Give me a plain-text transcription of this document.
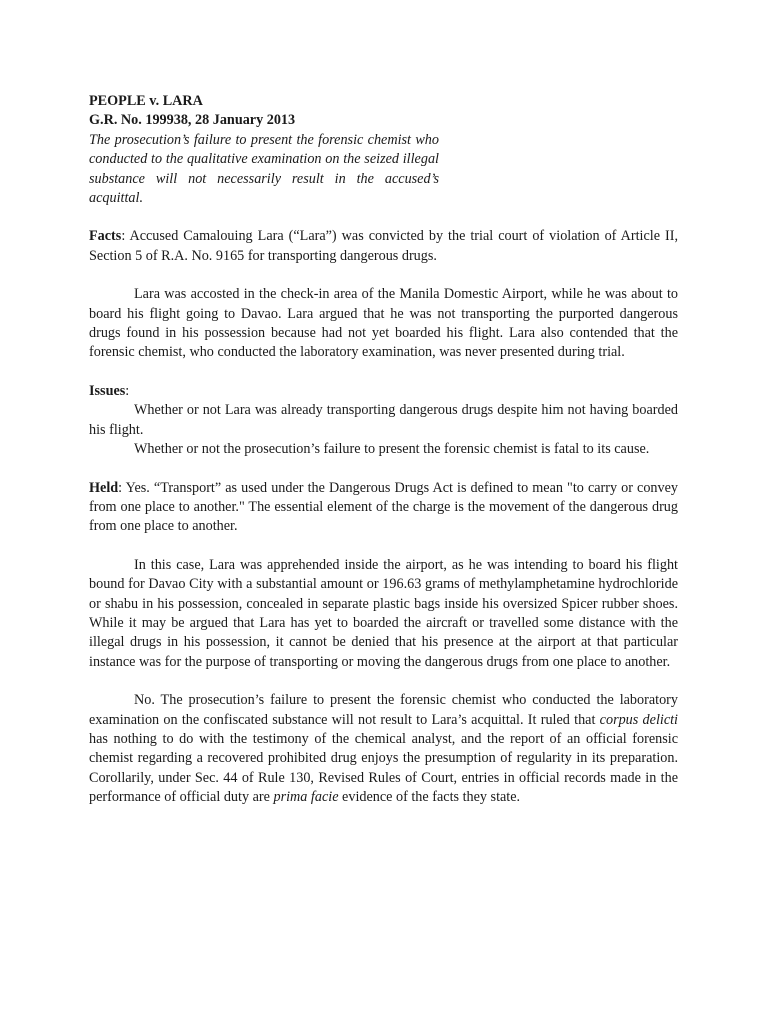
PEOPLE v. LARA

G.R. No. 199938, 28 January 2013

The prosecution’s failure to present the forensic chemist who conducted to the qualitative examination on the seized illegal substance will not necessarily result in the accused’s acquittal.

Facts: Accused Camalouing Lara (“Lara”) was convicted by the trial court of violation of Article II, Section 5 of R.A. No. 9165 for transporting dangerous drugs.

Lara was accosted in the check-in area of the Manila Domestic Airport, while he was about to board his flight going to Davao. Lara argued that he was not transporting the purported dangerous drugs found in his possession because had not yet boarded his flight. Lara also contended that the forensic chemist, who conducted the laboratory examination, was never presented during trial.

Issues:

Whether or not Lara was already transporting dangerous drugs despite him not having boarded his flight.

Whether or not the prosecution’s failure to present the forensic chemist is fatal to its cause.

Held: Yes. “Transport” as used under the Dangerous Drugs Act is defined to mean "to carry or convey from one place to another." The essential element of the charge is the movement of the dangerous drug from one place to another.

In this case, Lara was apprehended inside the airport, as he was intending to board his flight bound for Davao City with a substantial amount or 196.63 grams of methylamphetamine hydrochloride or shabu in his possession, concealed in separate plastic bags inside his oversized Spicer rubber shoes. While it may be argued that Lara has yet to boarded the aircraft or travelled some distance with the illegal drugs in his possession, it cannot be denied that his presence at the airport at that particular instance was for the purpose of transporting or moving the dangerous drugs from one place to another.

No. The prosecution’s failure to present the forensic chemist who conducted the laboratory examination on the confiscated substance will not result to Lara’s acquittal. It ruled that corpus delicti has nothing to do with the testimony of the chemical analyst, and the report of an official forensic chemist regarding a recovered prohibited drug enjoys the presumption of regularity in its preparation. Corollarily, under Sec. 44 of Rule 130, Revised Rules of Court, entries in official records made in the performance of official duty are prima facie evidence of the facts they state.
